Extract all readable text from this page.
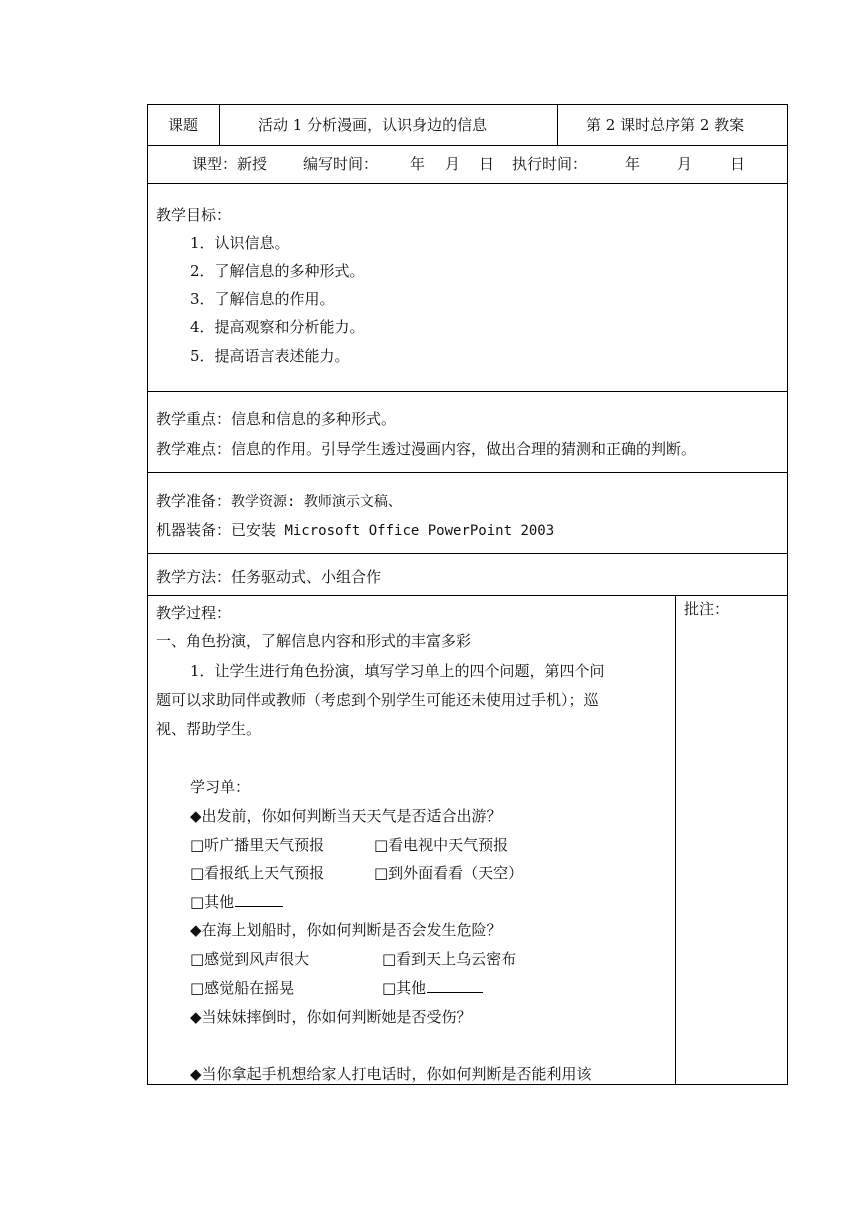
课题	活动 1 分析漫画，认识身边的信息	第 2 课时总序第 2 教案
课型：新授 编写时间： 年 月 日 执行时间：	年 月	日
教学目标：
1．认识信息。
2．了解信息的多种形式。
3．了解信息的作用。
4．提高观察和分析能力。
5．提高语言表述能力。
教学重点：信息和信息的多种形式。
教学难点：信息的作用。引导学生透过漫画内容，做出合理的猜测和正确的判断。
教学准备：教学资源: 教师演示文稿、
机器装备：已安装 Microsoft Office PowerPoint 2003
教学方法：任务驱动式、小组合作
教学过程：	批注：
一、角色扮演，了解信息内容和形式的丰富多彩
1．让学生进行角色扮演，填写学习单上的四个问题，第四个问
题可以求助同伴或教师（考虑到个别学生可能还未使用过手机）；巡
视、帮助学生。
学习单：
◆出发前，你如何判断当天天气是否适合出游？
□听广播里天气预报	□看电视中天气预报
□看报纸上天气预报	□到外面看看（天空）
□其他
◆在海上划船时，你如何判断是否会发生危险？
□感觉到风声很大	□看到天上乌云密布
□感觉船在摇晃	□其他
◆当妹妹摔倒时，你如何判断她是否受伤？
◆当你拿起手机想给家人打电话时，你如何判断是否能利用该
